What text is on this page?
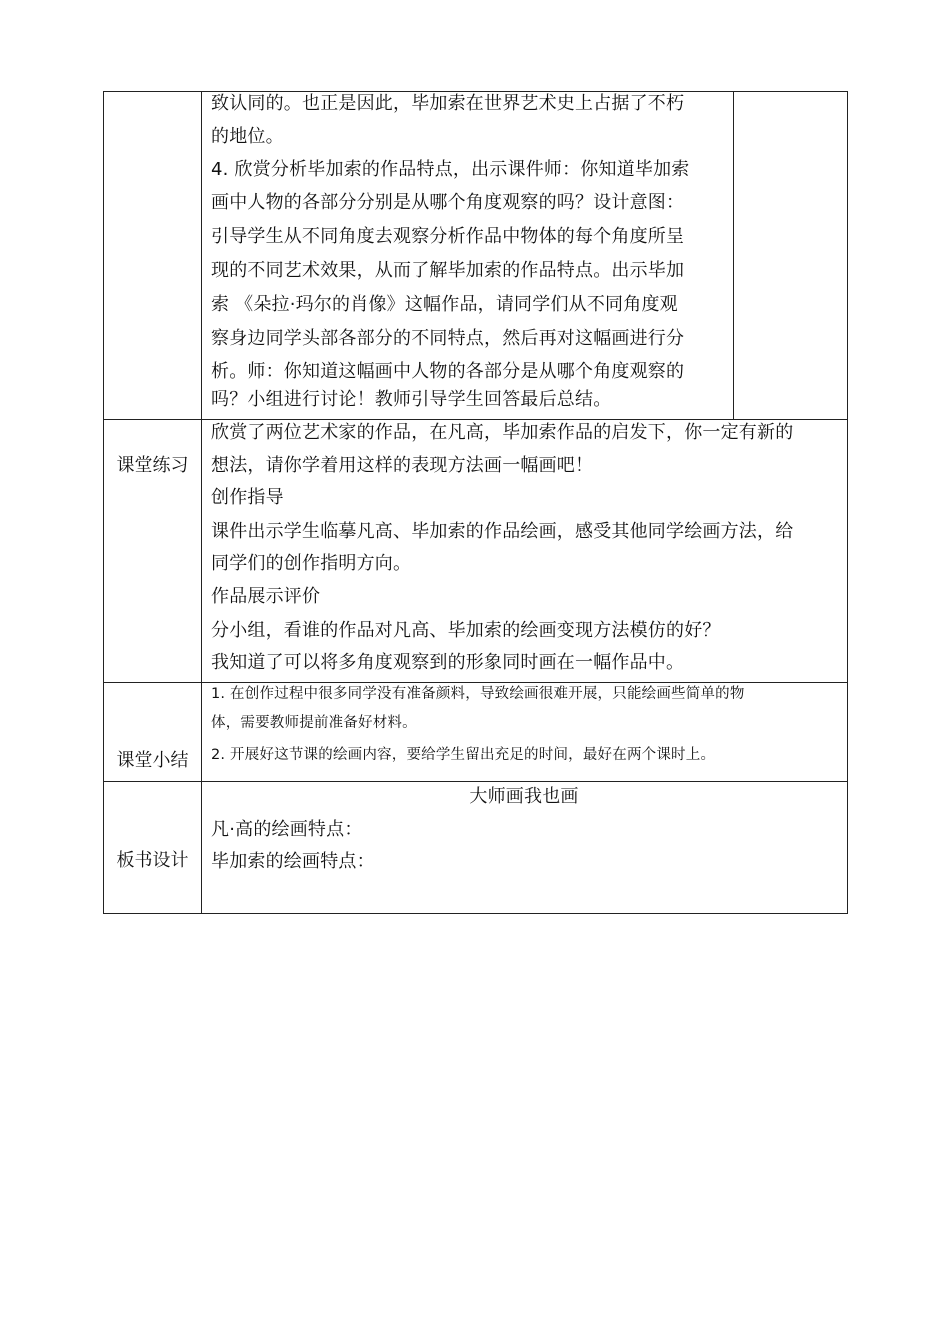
致认同的。也正是因此，毕加索在世界艺术史上占据了不朽
的地位。
4. 欣赏分析毕加索的作品特点，出示课件师：你知道毕加索
画中人物的各部分分别是从哪个角度观察的吗？设计意图：
引导学生从不同角度去观察分析作品中物体的每个角度所呈
现的不同艺术效果，从而了解毕加索的作品特点。出示毕加
索 《朵拉·玛尔的肖像》这幅作品，请同学们从不同角度观
察身边同学头部各部分的不同特点，然后再对这幅画进行分
析。师：你知道这幅画中人物的各部分是从哪个角度观察的
吗？小组进行讨论！教师引导学生回答最后总结。
课堂练习
欣赏了两位艺术家的作品，在凡高，毕加索作品的启发下，你一定有新的
想法，请你学着用这样的表现方法画一幅画吧！
创作指导
课件出示学生临摹凡高、毕加索的作品绘画，感受其他同学绘画方法，给
同学们的创作指明方向。
作品展示评价
分小组，看谁的作品对凡高、毕加索的绘画变现方法模仿的好？
我知道了可以将多角度观察到的形象同时画在一幅作品中。
课堂小结
1. 在创作过程中很多同学没有准备颜料，导致绘画很难开展，只能绘画些简单的物
体，需要教师提前准备好材料。
2. 开展好这节课的绘画内容，要给学生留出充足的时间，最好在两个课时上。
板书设计
大师画我也画
凡·高的绘画特点：
毕加索的绘画特点：
